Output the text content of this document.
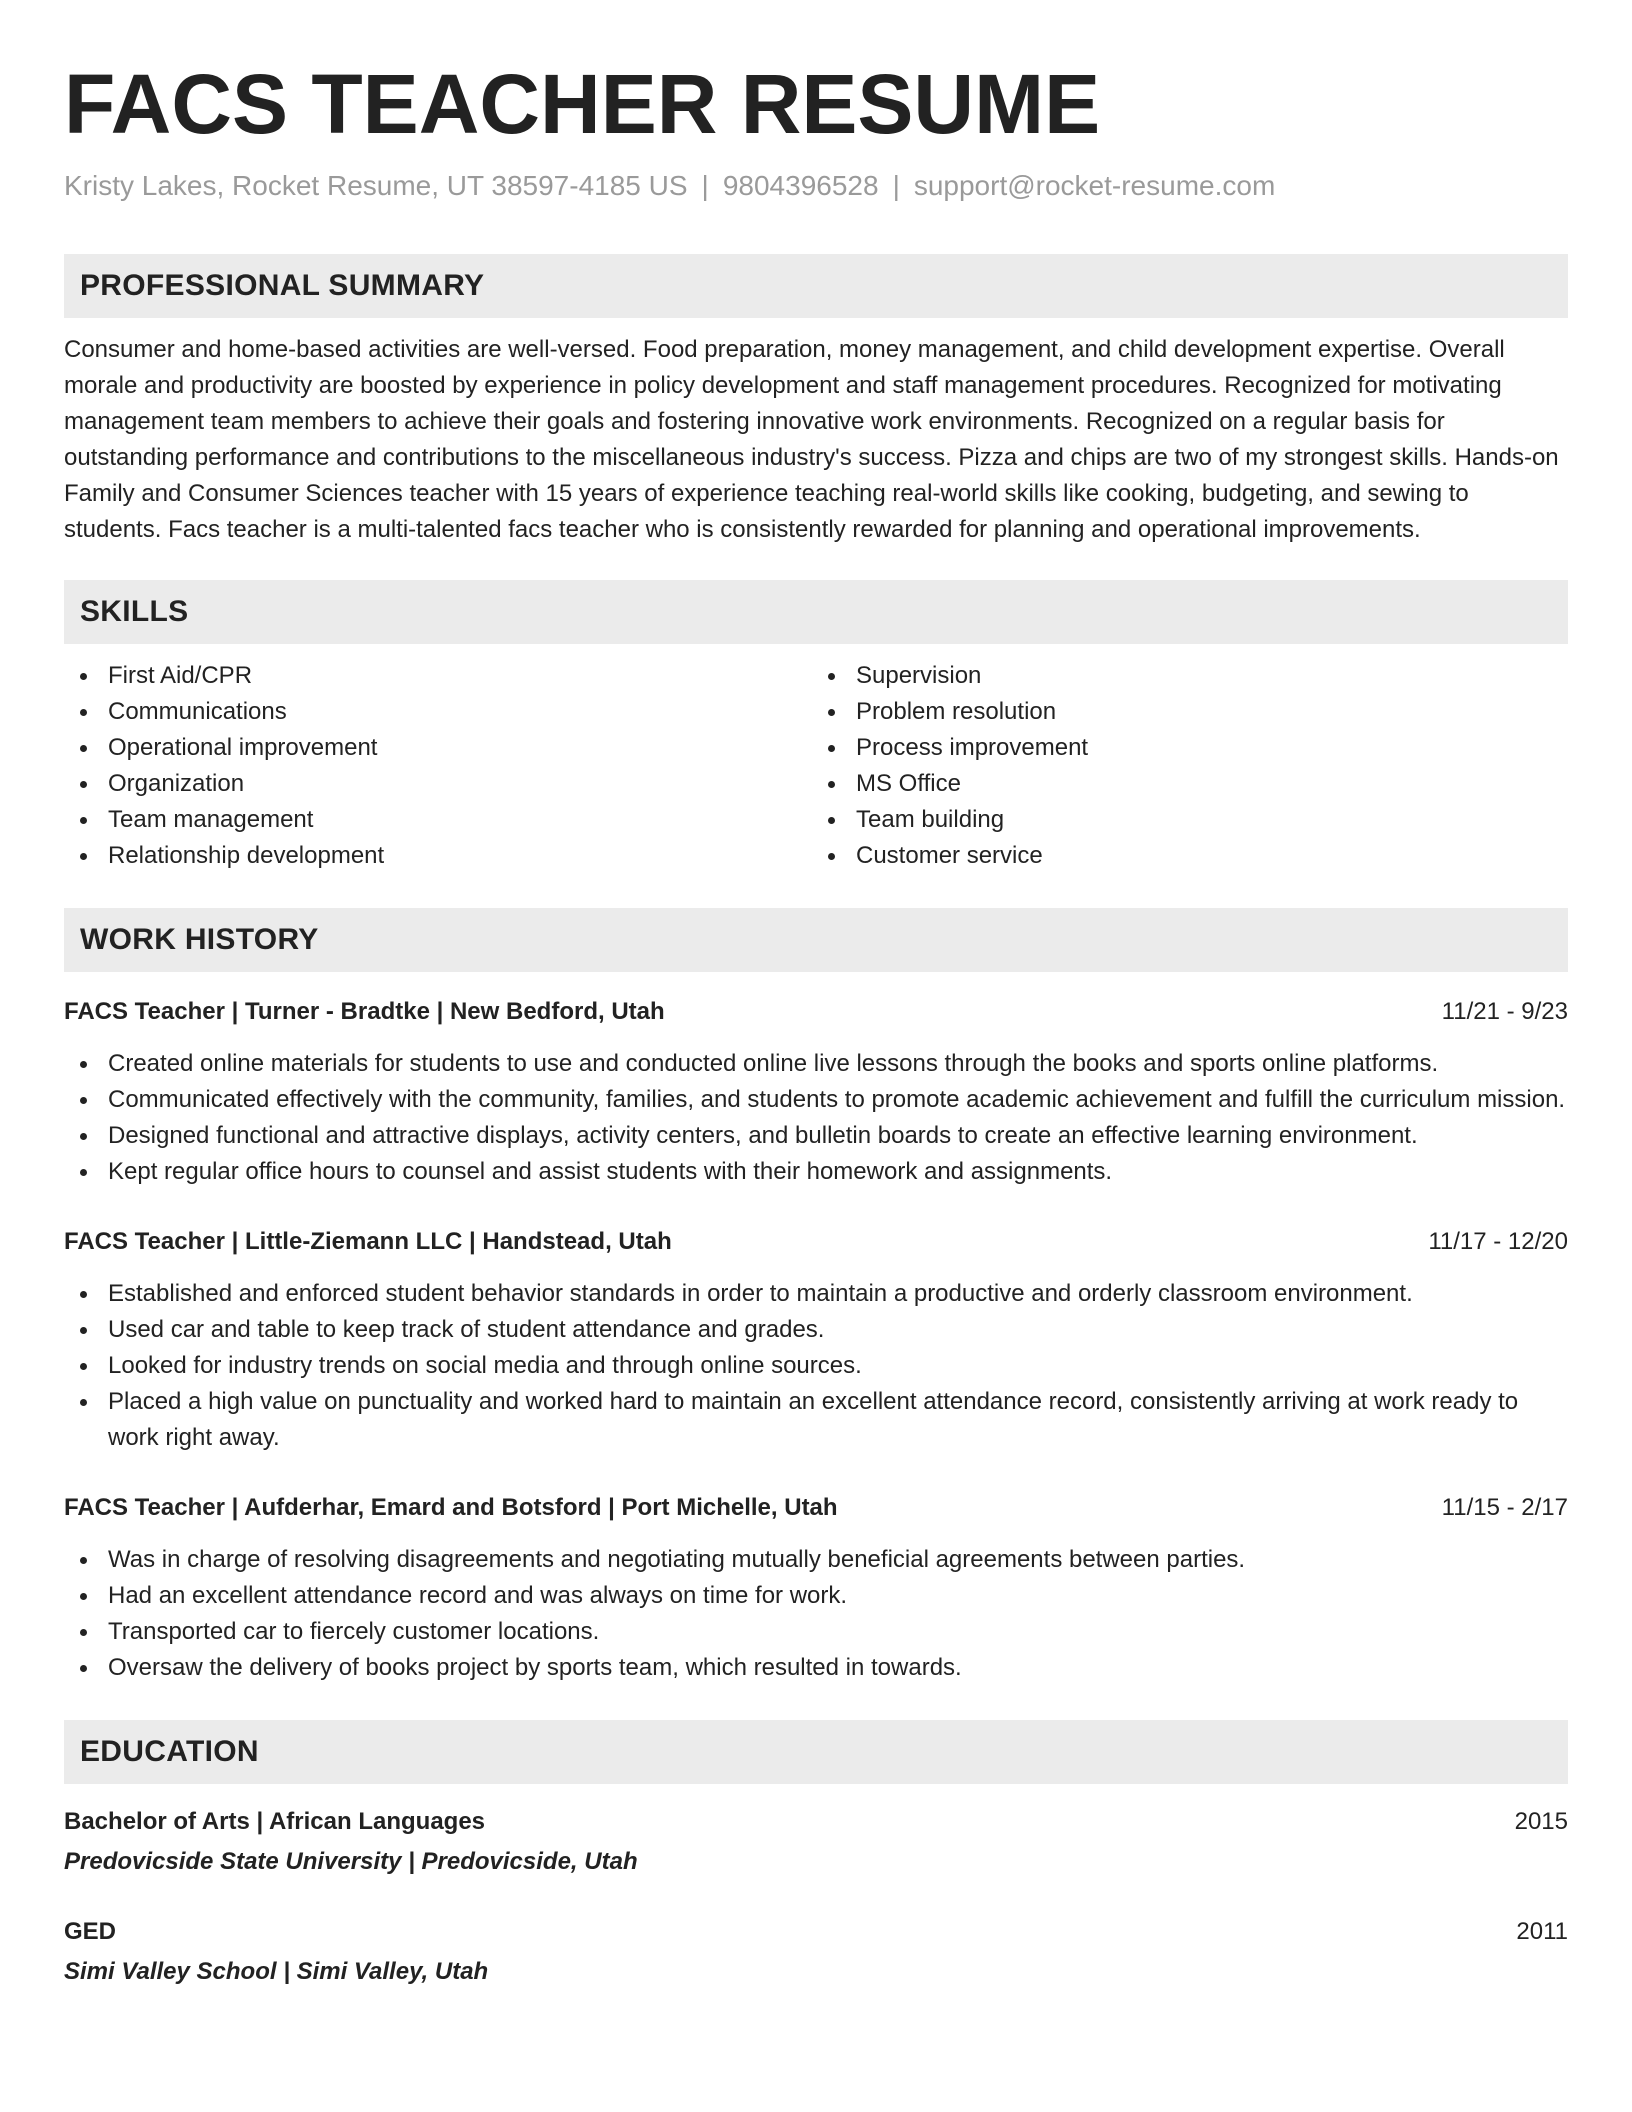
FACS TEACHER RESUME
Kristy Lakes, Rocket Resume, UT 38597-4185 US | 9804396528 | support@rocket-resume.com
PROFESSIONAL SUMMARY
Consumer and home-based activities are well-versed. Food preparation, money management, and child development expertise. Overall morale and productivity are boosted by experience in policy development and staff management procedures. Recognized for motivating management team members to achieve their goals and fostering innovative work environments. Recognized on a regular basis for outstanding performance and contributions to the miscellaneous industry's success. Pizza and chips are two of my strongest skills. Hands-on Family and Consumer Sciences teacher with 15 years of experience teaching real-world skills like cooking, budgeting, and sewing to students. Facs teacher is a multi-talented facs teacher who is consistently rewarded for planning and operational improvements.
SKILLS
First Aid/CPR
Communications
Operational improvement
Organization
Team management
Relationship development
Supervision
Problem resolution
Process improvement
MS Office
Team building
Customer service
WORK HISTORY
FACS Teacher | Turner - Bradtke | New Bedford, Utah	11/21 - 9/23
Created online materials for students to use and conducted online live lessons through the books and sports online platforms.
Communicated effectively with the community, families, and students to promote academic achievement and fulfill the curriculum mission.
Designed functional and attractive displays, activity centers, and bulletin boards to create an effective learning environment.
Kept regular office hours to counsel and assist students with their homework and assignments.
FACS Teacher | Little-Ziemann LLC | Handstead, Utah	11/17 - 12/20
Established and enforced student behavior standards in order to maintain a productive and orderly classroom environment.
Used car and table to keep track of student attendance and grades.
Looked for industry trends on social media and through online sources.
Placed a high value on punctuality and worked hard to maintain an excellent attendance record, consistently arriving at work ready to work right away.
FACS Teacher | Aufderhar, Emard and Botsford | Port Michelle, Utah	11/15 - 2/17
Was in charge of resolving disagreements and negotiating mutually beneficial agreements between parties.
Had an excellent attendance record and was always on time for work.
Transported car to fiercely customer locations.
Oversaw the delivery of books project by sports team, which resulted in towards.
EDUCATION
Bachelor of Arts | African Languages	2015
Predovicside State University | Predovicside, Utah
GED	2011
Simi Valley School | Simi Valley, Utah
